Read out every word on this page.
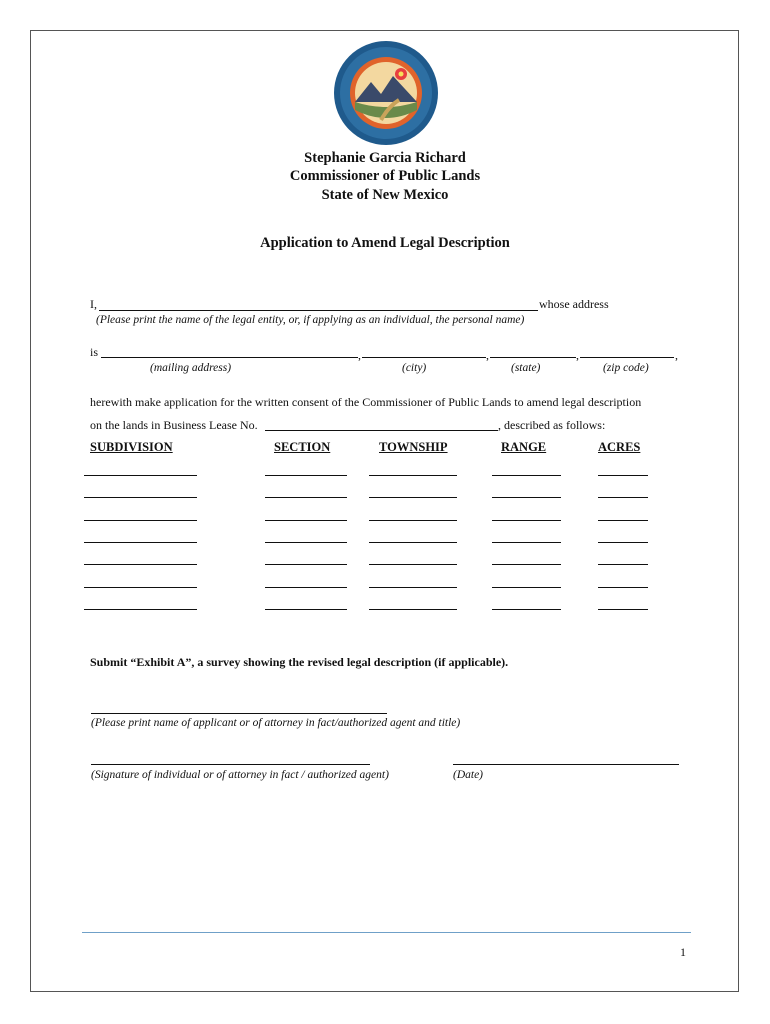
Stephanie Garcia Richard
Commissioner of Public Lands
State of New Mexico
Application to Amend Legal Description
I,	whose address
(Please print the name of the legal entity, or, if applying as an individual, the personal name)
is	,	,	,	,
(mailing address)	(city)	(state)	(zip code)
herewith make application for the written consent of the Commissioner of Public Lands to amend legal description
on the lands in Business Lease No.	, described as follows:
SUBDIVISION	SECTION	TOWNSHIP	RANGE	ACRES
Submit “Exhibit A”, a survey showing the revised legal description (if applicable).
(Please print name of applicant or of attorney in fact/authorized agent and title)
(Signature of individual or of attorney in fact / authorized agent)	(Date)
1
